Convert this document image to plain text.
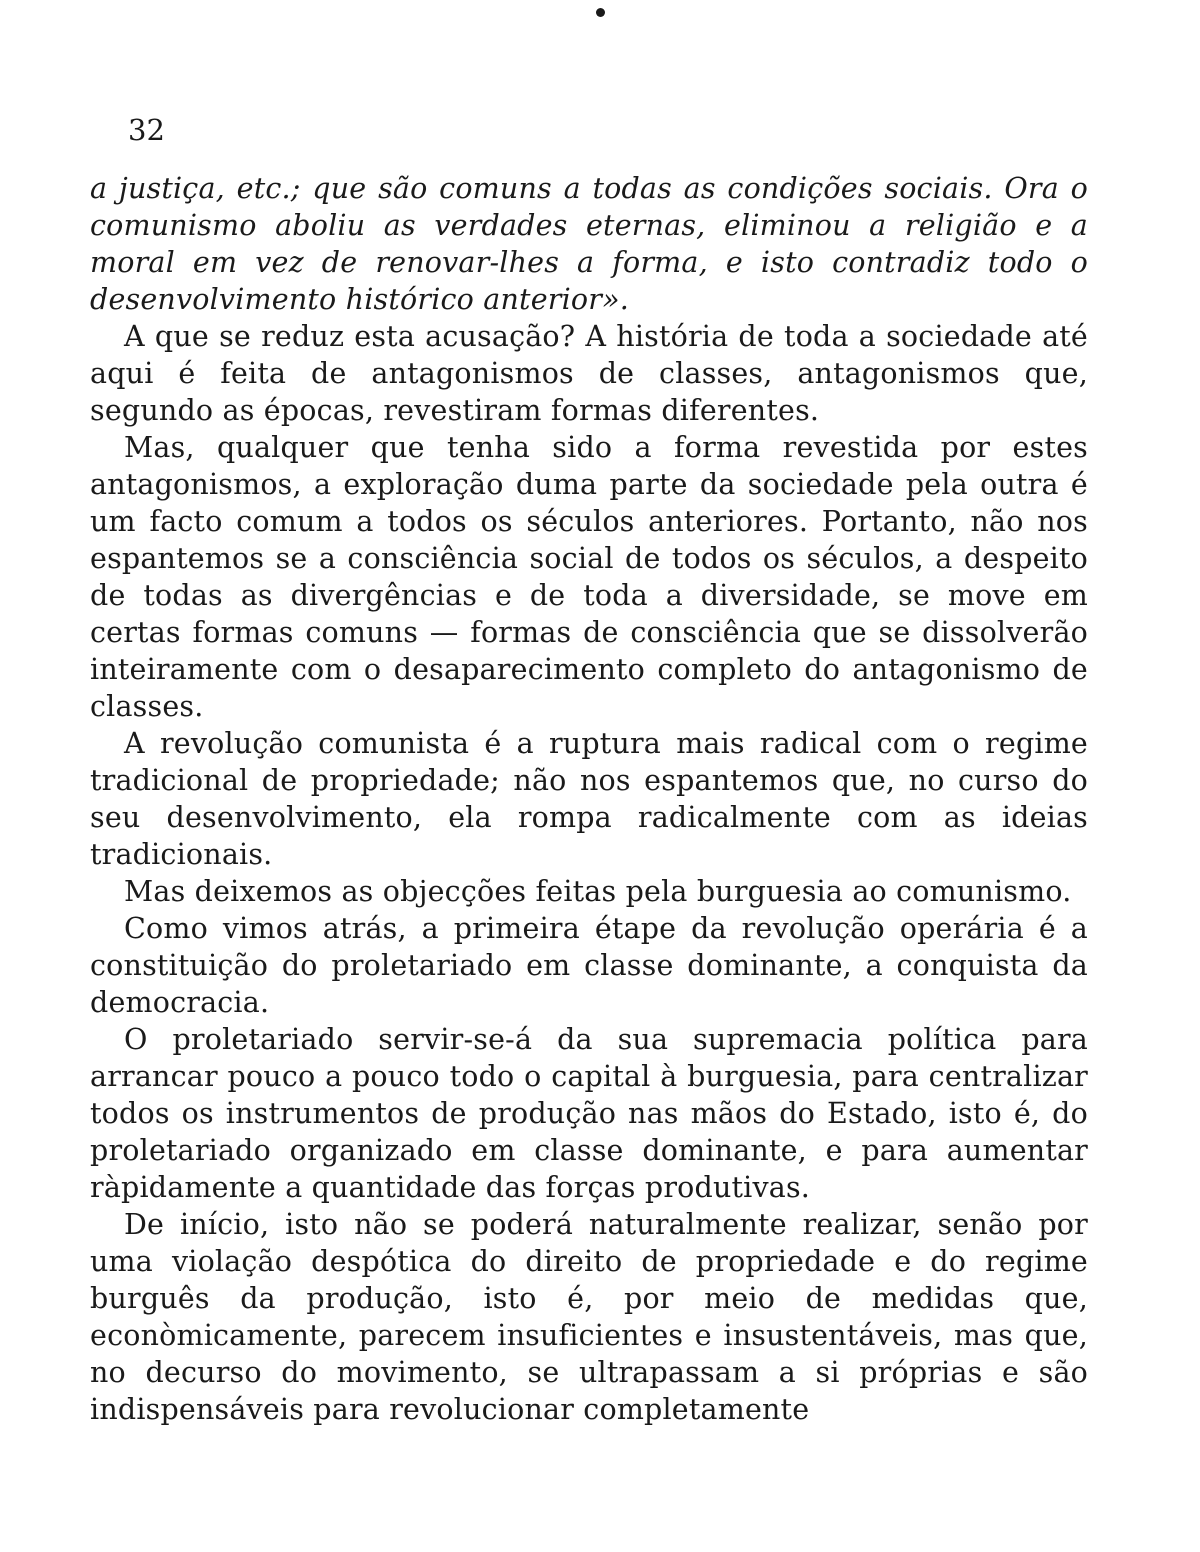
32

a justiça, etc.; que são comuns a todas as condições sociais. Ora o comunismo aboliu as verdades eternas, eliminou a religião e a moral em vez de renovar-lhes a forma, e isto contradiz todo o desenvolvimento histórico anterior».

A que se reduz esta acusação? A história de toda a sociedade até aqui é feita de antagonismos de classes, antagonismos que, segundo as épocas, revestiram formas diferentes.

Mas, qualquer que tenha sido a forma revestida por estes antagonismos, a exploração duma parte da sociedade pela outra é um facto comum a todos os séculos anteriores. Portanto, não nos espantemos se a consciência social de todos os séculos, a despeito de todas as divergências e de toda a diversidade, se move em certas formas comuns — formas de consciência que se dissolverão inteiramente com o desaparecimento completo do antagonismo de classes.

A revolução comunista é a ruptura mais radical com o regime tradicional de propriedade; não nos espantemos que, no curso do seu desenvolvimento, ela rompa radicalmente com as ideias tradicionais.

Mas deixemos as objecções feitas pela burguesia ao comunismo.

Como vimos atrás, a primeira étape da revolução operária é a constituição do proletariado em classe dominante, a conquista da democracia.

O proletariado servir-se-á da sua supremacia política para arrancar pouco a pouco todo o capital à burguesia, para centralizar todos os instrumentos de produção nas mãos do Estado, isto é, do proletariado organizado em classe dominante, e para aumentar ràpidamente a quantidade das forças produtivas.

De início, isto não se poderá naturalmente realizar, senão por uma violação despótica do direito de propriedade e do regime burguês da produção, isto é, por meio de medidas que, econòmicamente, parecem insuficientes e insustentáveis, mas que, no decurso do movimento, se ultrapassam a si próprias e são indispensáveis para revolucionar completamente
